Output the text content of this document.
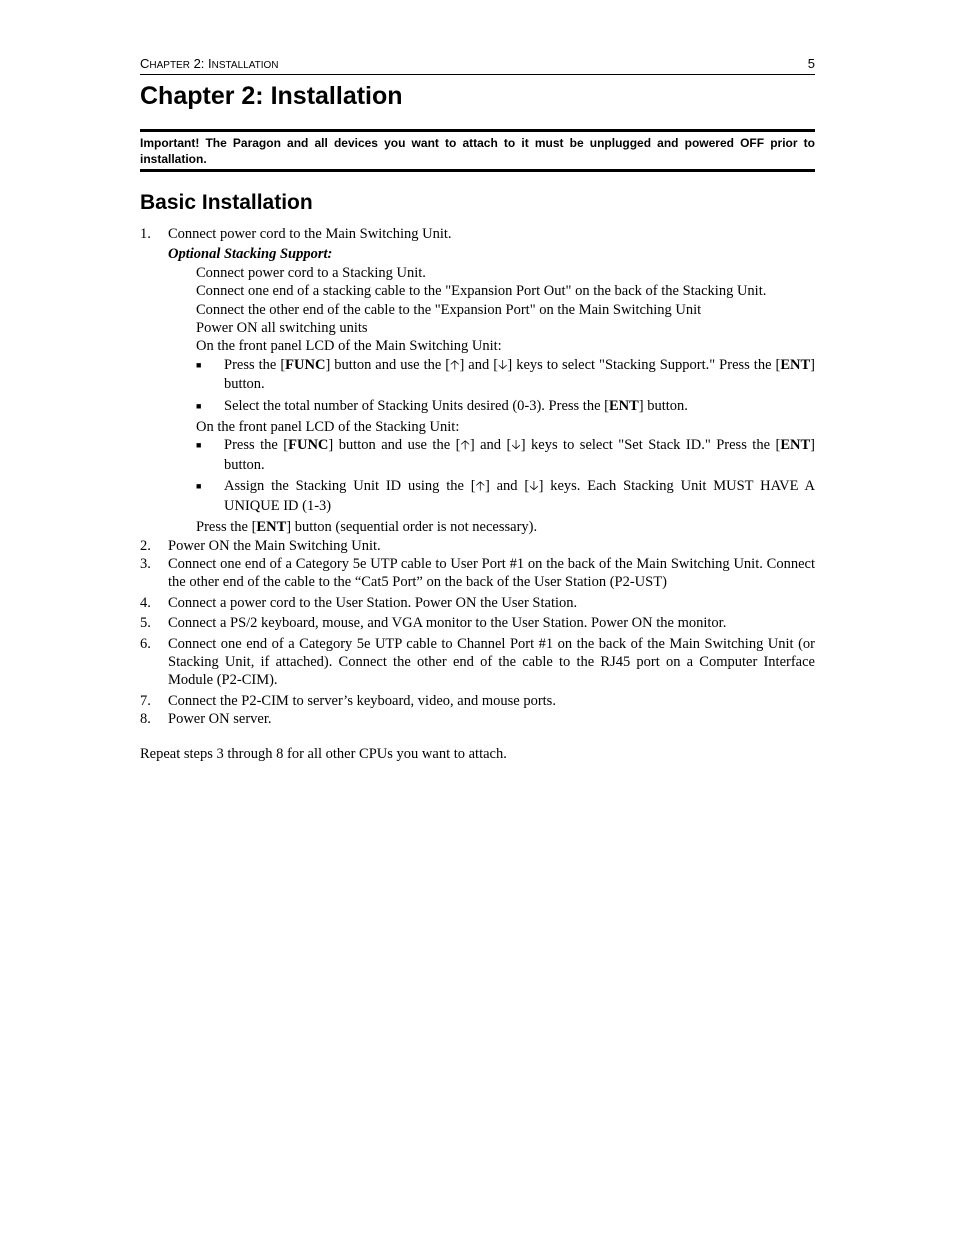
CHAPTER 2: INSTALLATION	5
Chapter 2: Installation
Important! The Paragon and all devices you want to attach to it must be unplugged and powered OFF prior to installation.
Basic Installation
1. Connect power cord to the Main Switching Unit.
Optional Stacking Support:
Connect power cord to a Stacking Unit.
Connect one end of a stacking cable to the "Expansion Port Out" on the back of the Stacking Unit.
Connect the other end of the cable to the "Expansion Port" on the Main Switching Unit
Power ON all switching units
On the front panel LCD of the Main Switching Unit:
■ Press the [FUNC] button and use the [🡡] and [🡣] keys to select "Stacking Support." Press the [ENT] button.
■ Select the total number of Stacking Units desired (0-3). Press the [ENT] button.
On the front panel LCD of the Stacking Unit:
■ Press the [FUNC] button and use the [🡡] and [🡣] keys to select "Set Stack ID." Press the [ENT] button.
■ Assign the Stacking Unit ID using the [🡡] and [🡣] keys. Each Stacking Unit MUST HAVE A UNIQUE ID (1-3)
Press the [ENT] button (sequential order is not necessary).
2. Power ON the Main Switching Unit.
3. Connect one end of a Category 5e UTP cable to User Port #1 on the back of the Main Switching Unit. Connect the other end of the cable to the “Cat5 Port” on the back of the User Station (P2-UST)
4. Connect a power cord to the User Station. Power ON the User Station.
5. Connect a PS/2 keyboard, mouse, and VGA monitor to the User Station. Power ON the monitor.
6. Connect one end of a Category 5e UTP cable to Channel Port #1 on the back of the Main Switching Unit (or Stacking Unit, if attached). Connect the other end of the cable to the RJ45 port on a Computer Interface Module (P2-CIM).
7. Connect the P2-CIM to server’s keyboard, video, and mouse ports.
8. Power ON server.
Repeat steps 3 through 8 for all other CPUs you want to attach.
